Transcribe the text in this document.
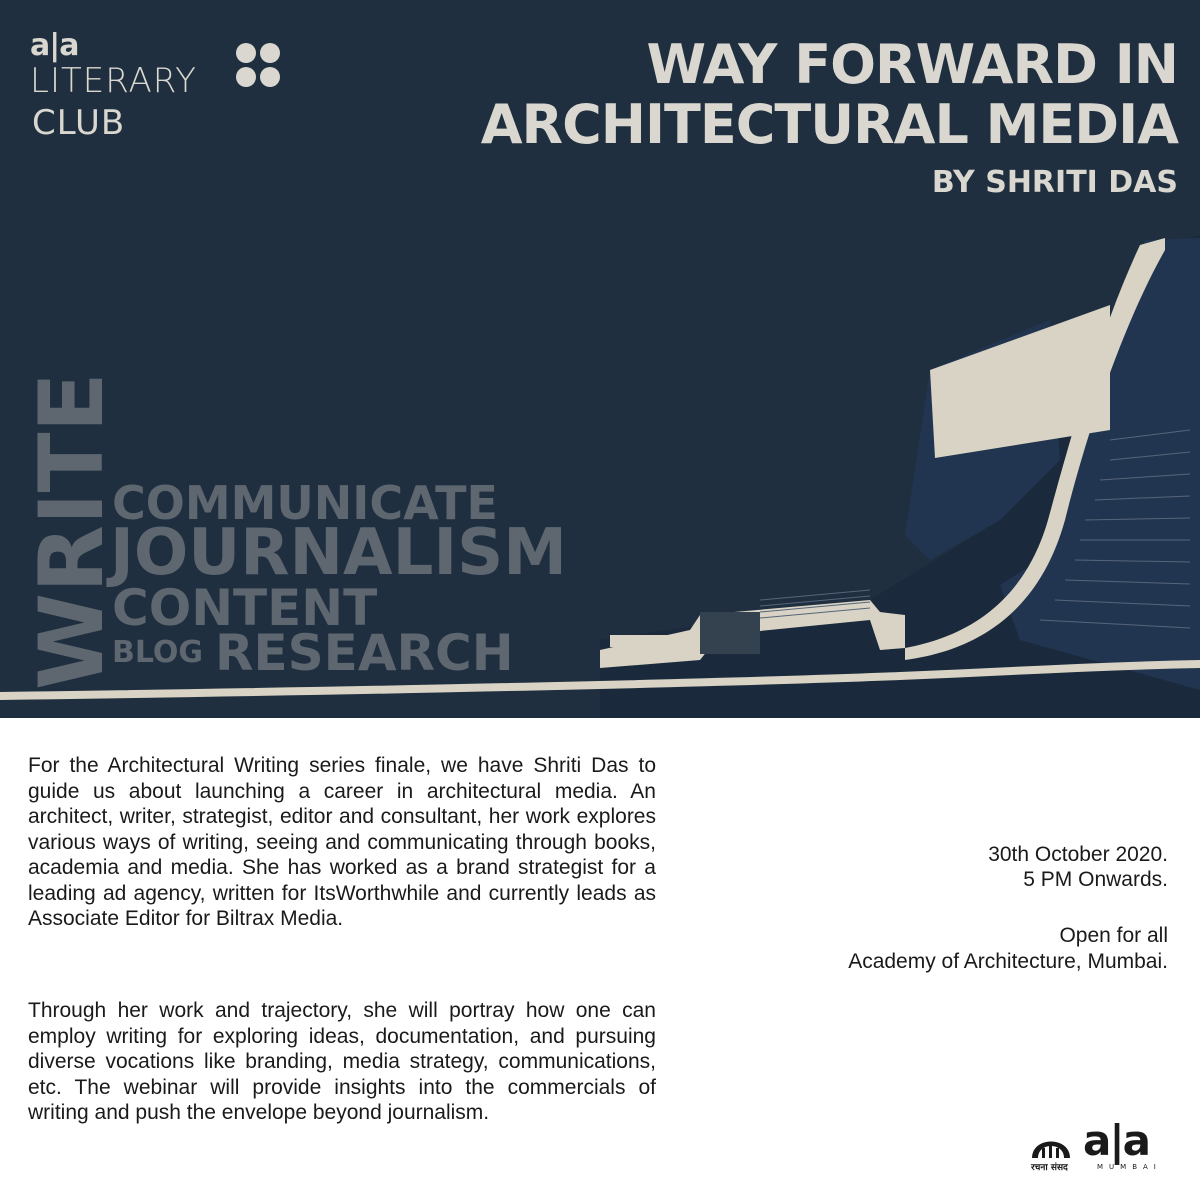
a|a
LITERARY
CLUB
WAY FORWARD IN
ARCHITECTURAL MEDIA
BY SHRITI DAS
WRITE
COMMUNICATE
JOURNALISM
CONTENT
BLOG RESEARCH

For the Architectural Writing series finale, we have Shriti Das to guide us about launching a career in architectural media. An architect, writer, strategist, editor and consultant, her work explores various ways of writing, seeing and communicating through books, academia and media. She has worked as a brand strategist for a leading ad agency, written for ItsWorthwhile and currently leads as Associate Editor for Biltrax Media.

Through her work and trajectory, she will portray how one can employ writing for exploring ideas, documentation, and pursuing diverse vocations like branding, media strategy, communications, etc. The webinar will provide insights into the commercials of writing and push the envelope beyond journalism.

30th October 2020.
5 PM Onwards.
Open for all
Academy of Architecture, Mumbai.
रचना संसद
a|a
MUMBAI
